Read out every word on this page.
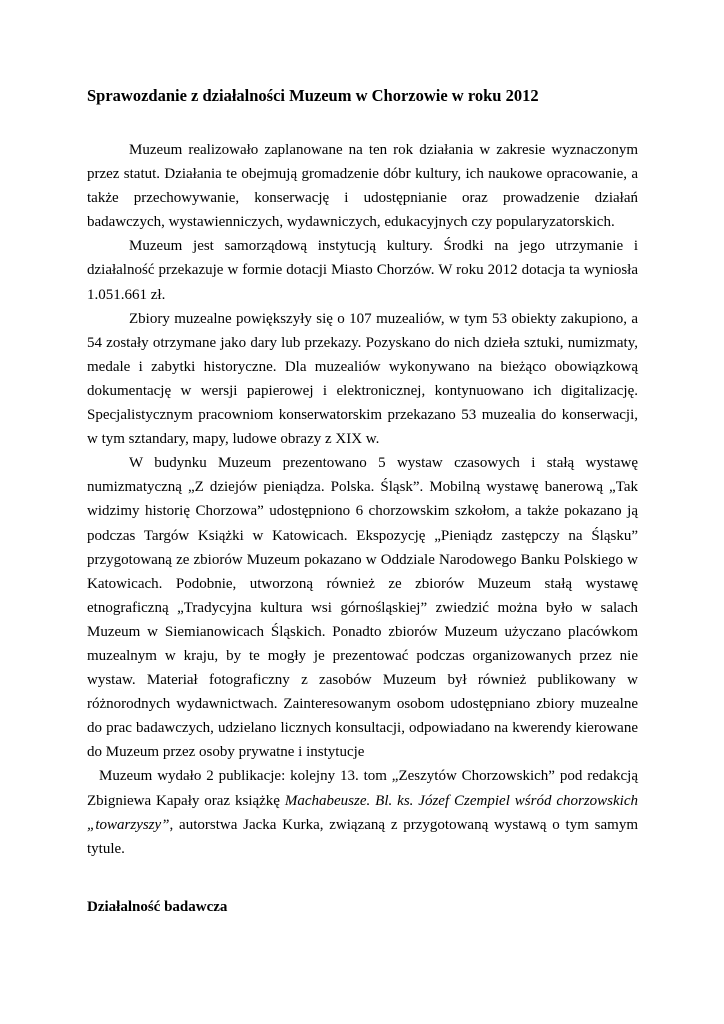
Sprawozdanie z działalności Muzeum w Chorzowie w roku 2012

Muzeum realizowało zaplanowane na ten rok działania w zakresie wyznaczonym przez statut. Działania te obejmują gromadzenie dóbr kultury, ich naukowe opracowanie, a także przechowywanie, konserwację i udostępnianie oraz prowadzenie działań badawczych, wystawienniczych, wydawniczych, edukacyjnych czy popularyzatorskich.

Muzeum jest samorządową instytucją kultury. Środki na jego utrzymanie i działalność przekazuje w formie dotacji Miasto Chorzów. W roku 2012 dotacja ta wyniosła 1.051.661 zł.

Zbiory muzealne powiększyły się o 107 muzealiów, w tym 53 obiekty zakupiono, a 54 zostały otrzymane jako dary lub przekazy. Pozyskano do nich dzieła sztuki, numizmaty, medale i zabytki historyczne. Dla muzealiów wykonywano na bieżąco obowiązkową dokumentację w wersji papierowej i elektronicznej, kontynuowano ich digitalizację. Specjalistycznym pracowniom konserwatorskim przekazano 53 muzealia do konserwacji, w tym sztandary, mapy, ludowe obrazy z XIX w.

W budynku Muzeum prezentowano 5 wystaw czasowych i stałą wystawę numizmatyczną „Z dziejów pieniądza. Polska. Śląsk”. Mobilną wystawę banerową „Tak widzimy historię Chorzowa” udostępniono 6 chorzowskim szkołom, a także pokazano ją podczas Targów Książki w Katowicach. Ekspozycję „Pieniądz zastępczy na Śląsku” przygotowaną ze zbiorów Muzeum pokazano w Oddziale Narodowego Banku Polskiego w Katowicach. Podobnie, utworzoną również ze zbiorów Muzeum stałą wystawę etnograficzną „Tradycyjna kultura wsi górnośląskiej” zwiedzić można było w salach Muzeum w Siemianowicach Śląskich. Ponadto zbiorów Muzeum użyczano placówkom muzealnym w kraju, by te mogły je prezentować podczas organizowanych przez nie wystaw. Materiał fotograficzny z zasobów Muzeum był również publikowany w różnorodnych wydawnictwach. Zainteresowanym osobom udostępniano zbiory muzealne do prac badawczych, udzielano licznych konsultacji, odpowiadano na kwerendy kierowane do Muzeum przez osoby prywatne i instytucje

Muzeum wydało 2 publikacje: kolejny 13. tom „Zeszytów Chorzowskich” pod redakcją Zbigniewa Kapały oraz książkę Machabeusze. Bl. ks. Józef Czempiel wśród chorzowskich „towarzyszy”, autorstwa Jacka Kurka, związaną z przygotowaną wystawą o tym samym tytule.

Działalność badawcza
